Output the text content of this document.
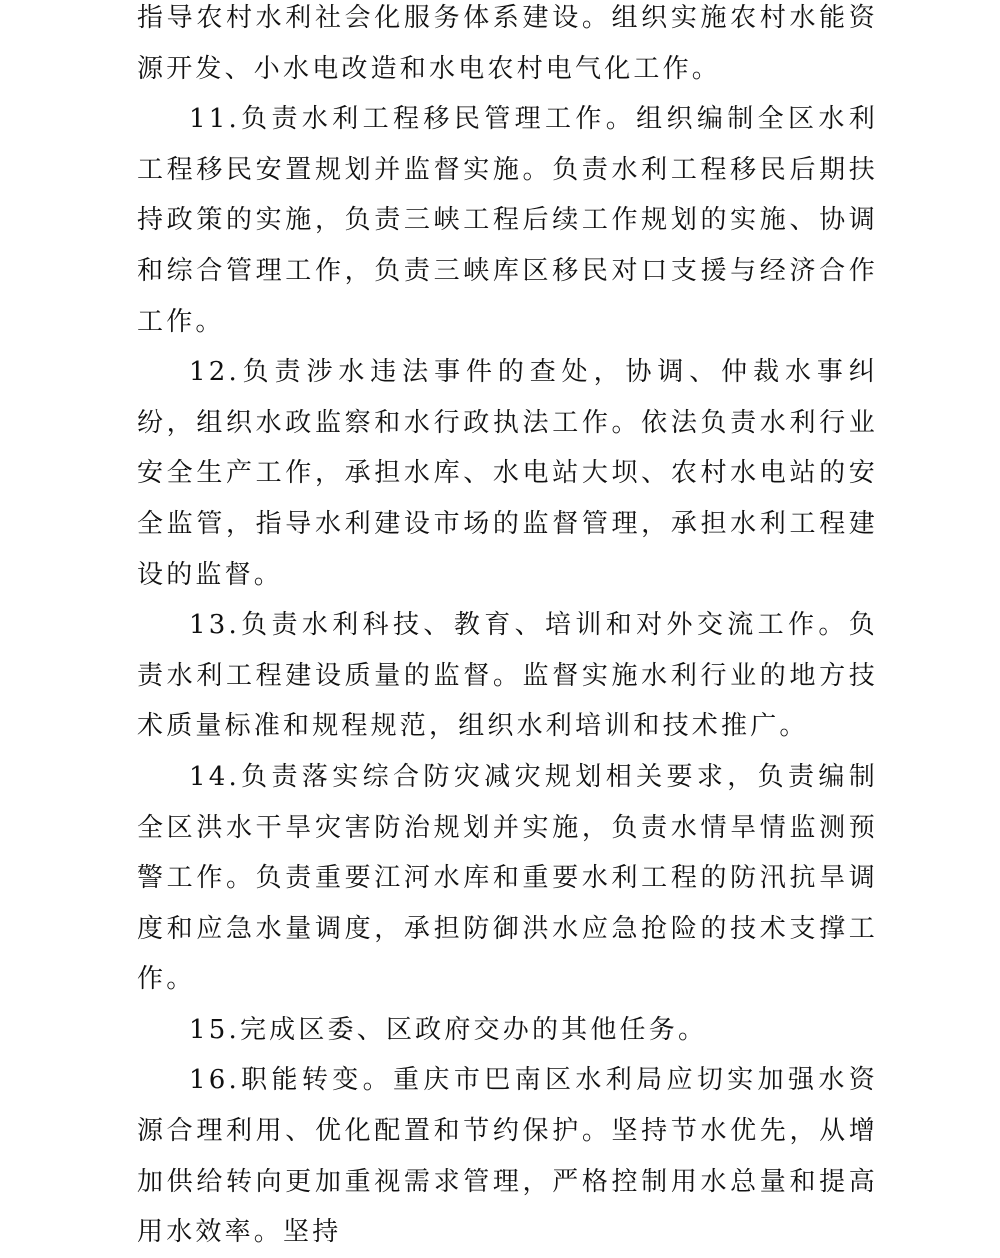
指导农村水利社会化服务体系建设。组织实施农村水能资源开发、小水电改造和水电农村电气化工作。

11.负责水利工程移民管理工作。组织编制全区水利工程移民安置规划并监督实施。负责水利工程移民后期扶持政策的实施，负责三峡工程后续工作规划的实施、协调和综合管理工作，负责三峡库区移民对口支援与经济合作工作。

12.负责涉水违法事件的查处，协调、仲裁水事纠纷，组织水政监察和水行政执法工作。依法负责水利行业安全生产工作，承担水库、水电站大坝、农村水电站的安全监管，指导水利建设市场的监督管理，承担水利工程建设的监督。

13.负责水利科技、教育、培训和对外交流工作。负责水利工程建设质量的监督。监督实施水利行业的地方技术质量标准和规程规范，组织水利培训和技术推广。

14.负责落实综合防灾减灾规划相关要求，负责编制全区洪水干旱灾害防治规划并实施，负责水情旱情监测预警工作。负责重要江河水库和重要水利工程的防汛抗旱调度和应急水量调度，承担防御洪水应急抢险的技术支撑工作。

15.完成区委、区政府交办的其他任务。

16.职能转变。重庆市巴南区水利局应切实加强水资源合理利用、优化配置和节约保护。坚持节水优先，从增加供给转向更加重视需求管理，严格控制用水总量和提高用水效率。坚持
